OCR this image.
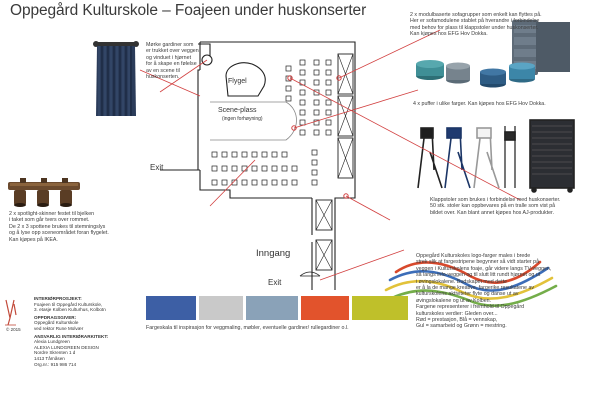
Oppegård Kulturskole – Foajeen under huskonserter

Mørke gardiner som

er trukket over veggen

og vinduet i hjørnet

for å skape en følelse

av en scene til

huskonserten.

2 x modulbaserte sofagrupper som enkelt kan flyttes på.

Her er sofamodulene stablet på hverandre i forbindelse

med behov for plass til klappstoler under huskonserter.

Kan kjøpes hos EFG Hov Dokka.

4 x puffer i ulike farger. Kan kjøpes hos EFG Hov Dokka.

Klappstoler som brukes i forbindelse med huskonserter.

50 stk. stoler kan oppbevares på en tralle som vist på

bildet over. Kan blant annet kjøpes hos AJ-produkter.

2 x spotlight-skinner festet til bjelken

i taket som går tvers over rommet.

De 2 x 3 spottene brukes til stemningslys

og å lyse opp sceneområdet foran flygelet.

Kan kjøpes på IKEA.

Oppegård Kulturskoles logo-farger males i brede

strek slik at fargestripene begynner så vidt starter på

veggen i Kulturskolens foaje, går videre langs TV-veggen,

så langs info-veggen og til slutt litt rundt hjørnet og ut

i øvingslokalene. Budskapet med dette

er å la de mange kreative, fargerike resultatene av

kulturskolens aktiviteter flyte og danse ut av

øvingslokalene og ut av Kolben.

Fargene representerer i fremhold til Oppegård

kulturskoles verdier: Gleden over...

Rød = prestasjon, Blå = vennskap,

Gul = samarbeid og Grønn = mestring.

Flygel
Scene-plass
(ingen forhøyning)
Exit
Inngang
Exit
Fargeskala til inspirasjon for veggmaling, møbler, eventuelle gardiner/ rullegardiner o.l.
INTERIØRPROSJEKT:
Foajeen til Oppegård Kulturskole,
3. etasje Kolben Kulturhus, Kolbotn
OPPDRAGSGIVER:
Oppegård Kulturskole
ved rektor Rune Molvær
ANSVARLIG INTERIØRARKITEKT:
Alexia Lundgreen
ALEXIA LUNDGREEN DESIGN
Nordre Skrenten 1 d
1413 Tårnåsen
Org.nr.: 915 986 714
© 2015
